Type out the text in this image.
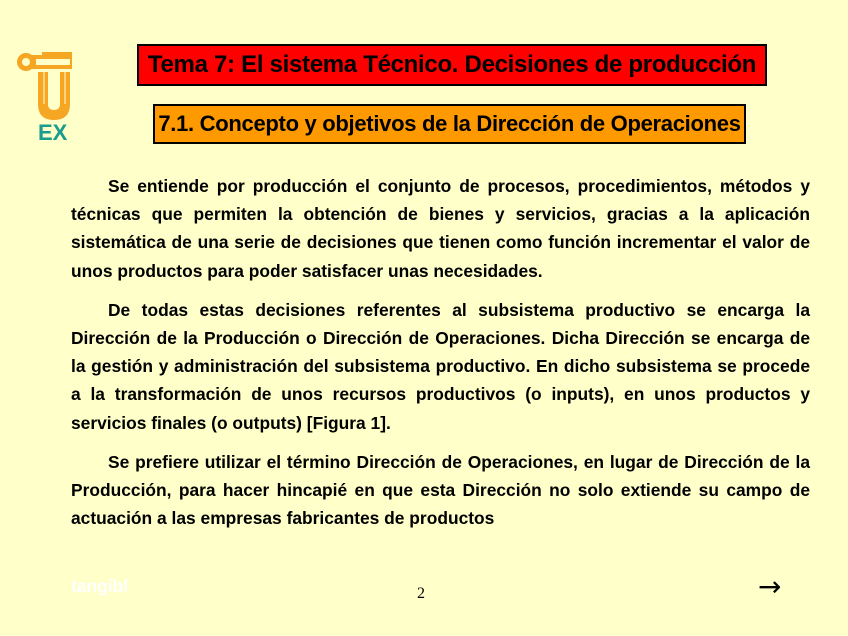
EX
Tema 7: El sistema Técnico. Decisiones de producción
7.1. Concepto y objetivos de la Dirección de Operaciones

Se entiende por producción el conjunto de procesos, procedimientos, métodos y técnicas que permiten la obtención de bienes y servicios, gracias a la aplicación sistemática de una serie de decisiones que tienen como función incrementar el valor de unos productos para poder satisfacer unas necesidades.

De todas estas decisiones referentes al subsistema productivo se encarga la Dirección de la Producción o Dirección de Operaciones. Dicha Dirección se encarga de la gestión y administración del subsistema productivo. En dicho subsistema se procede a la transformación de unos recursos productivos (o inputs), en unos productos y servicios finales (o outputs) [Figura 1].

Se prefiere utilizar el término Dirección de Operaciones, en lugar de Dirección de la Producción, para hacer hincapié en que esta Dirección no solo extiende su campo de actuación a las empresas fabricantes de productos

tangibl	2	→
